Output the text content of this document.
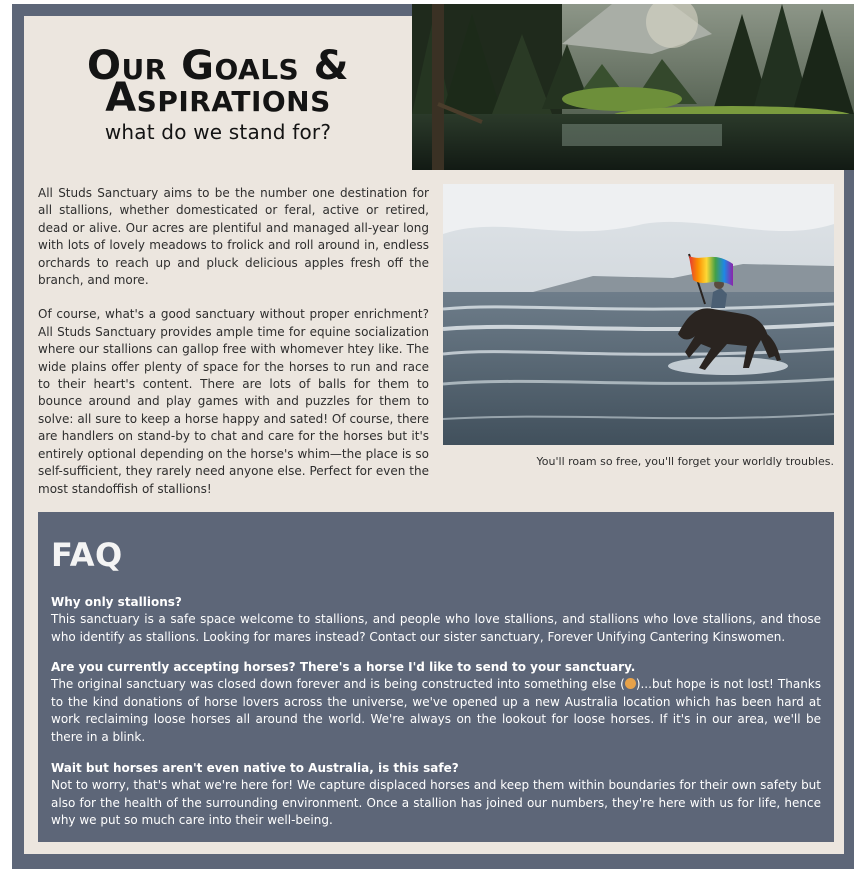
Our Goals & Aspirations
what do we stand for?

All Studs Sanctuary aims to be the number one destination for all stallions, whether domesticated or feral, active or retired, dead or alive. Our acres are plentiful and managed all-year long with lots of lovely meadows to frolick and roll around in, endless orchards to reach up and pluck delicious apples fresh off the branch, and more.

Of course, what's a good sanctuary without proper enrichment? All Studs Sanctuary provides ample time for equine socialization where our stallions can gallop free with whomever htey like. The wide plains offer plenty of space for the horses to run and race to their heart's content. There are lots of balls for them to bounce around and play games with and puzzles for them to solve: all sure to keep a horse happy and sated! Of course, there are handlers on stand-by to chat and care for the horses but it's entirely optional depending on the horse's whim—the place is so self-sufficient, they rarely need anyone else. Perfect for even the most standoffish of stallions!

You'll roam so free, you'll forget your worldly troubles.
FAQ
Why only stallions?
This sanctuary is a safe space welcome to stallions, and people who love stallions, and stallions who love stallions, and those who identify as stallions. Looking for mares instead? Contact our sister sanctuary, Forever Unifying Cantering Kinswomen.
Are you currently accepting horses? There's a horse I'd like to send to your sanctuary.
The original sanctuary was closed down forever and is being constructed into something else ( )...but hope is not lost! Thanks to the kind donations of horse lovers across the universe, we've opened up a new Australia location which has been hard at work reclaiming loose horses all around the world. We're always on the lookout for loose horses. If it's in our area, we'll be there in a blink.
Wait but horses aren't even native to Australia, is this safe?
Not to worry, that's what we're here for! We capture displaced horses and keep them within boundaries for their own safety but also for the health of the surrounding environment. Once a stallion has joined our numbers, they're here with us for life, hence why we put so much care into their well-being.
